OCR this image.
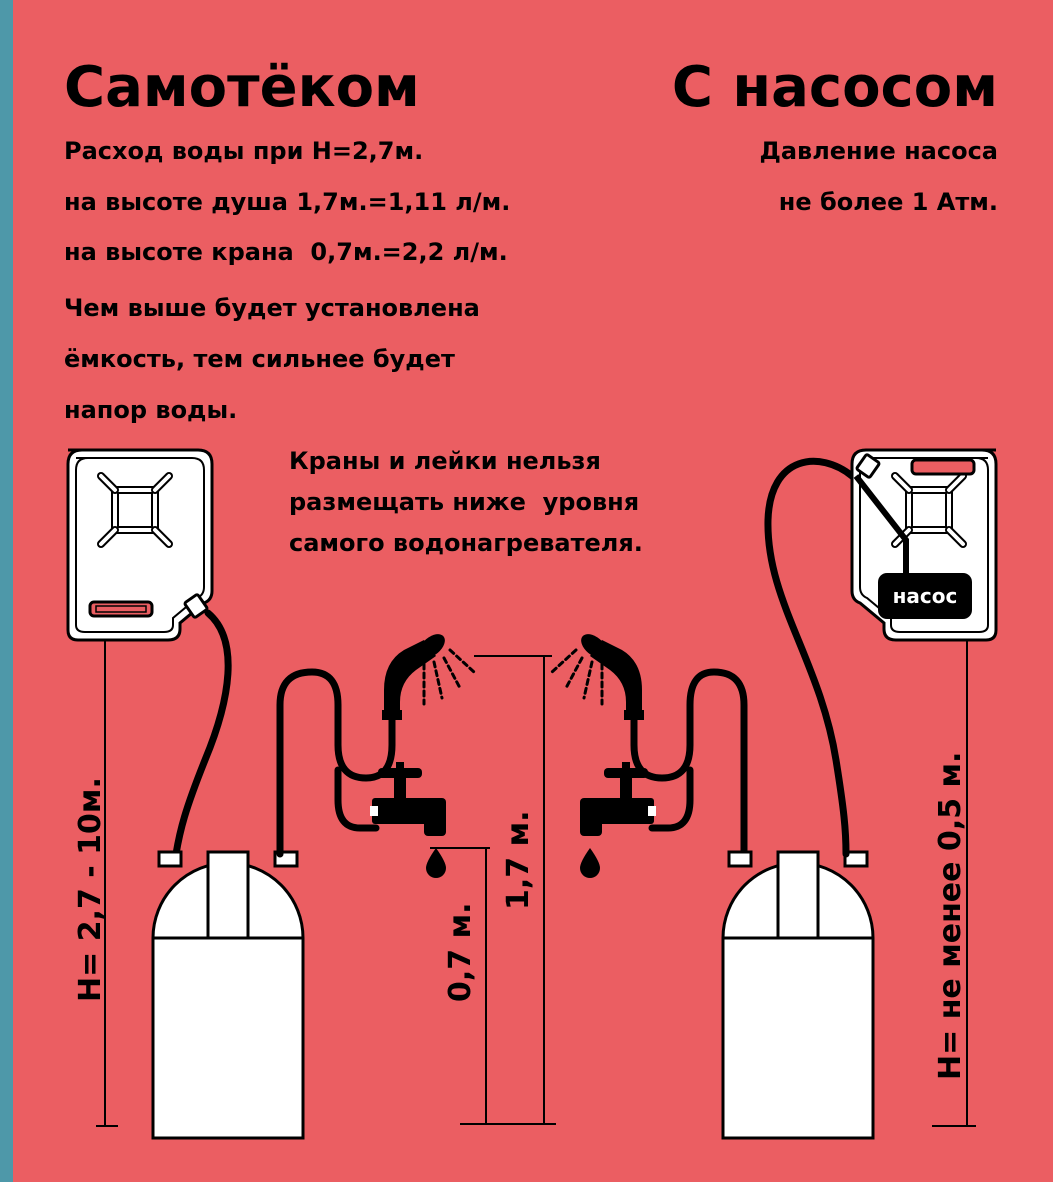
Самотёком	С насосом
Расход воды при H=2,7м.
на высоте душа 1,7м.=1,11 л/м.
на высоте крана  0,7м.=2,2 л/м.
Чем выше будет установлена
ёмкость, тем сильнее будет
напор воды.
Давление насоса
не более 1 Атм.
Краны и лейки нельзя
размещать ниже  уровня
самого водонагревателя.
H= 2,7 - 10м.	0,7 м.
1,7 м.
насос
H= не менее 0,5 м.
